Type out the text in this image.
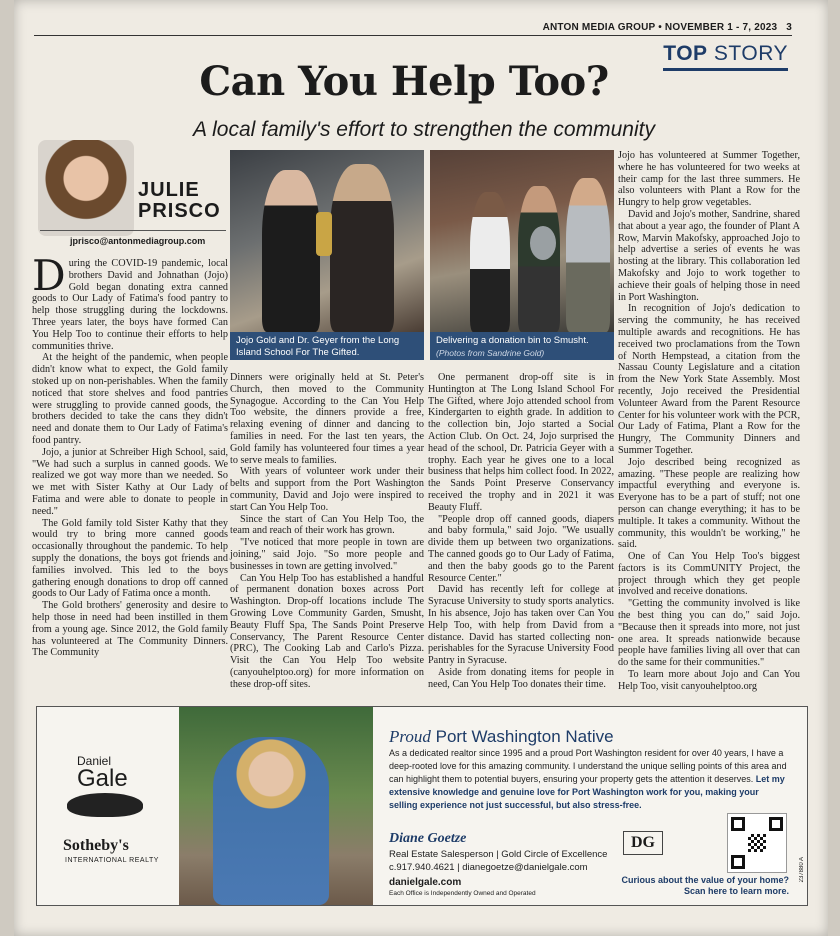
ANTON MEDIA GROUP • NOVEMBER 1 - 7, 2023 3
TOP STORY
Can You Help Too?
A local family's effort to strengthen the community
JULIE
PRISCO
jprisco@antonmediagroup.com
Jojo Gold and Dr. Geyer from the Long Island School For The Gifted.
Delivering a donation bin to Smusht.
(Photos from Sandrine Gold)

During the COVID-19 pandemic, local brothers David and Johnathan (Jojo) Gold began donating extra canned goods to Our Lady of Fatima's food pantry to help those struggling during the lockdowns. Three years later, the boys have formed Can You Help Too to continue their efforts to help communities thrive.

At the height of the pandemic, when people didn't know what to expect, the Gold family stoked up on non-perishables. When the family noticed that store shelves and food pantries were struggling to provide canned goods, the brothers decided to take the cans they didn't need and donate them to Our Lady of Fatima's food pantry.

Jojo, a junior at Schreiber High School, said, "We had such a surplus in canned goods. We realized we got way more than we needed. So we met with Sister Kathy at Our Lady of Fatima and were able to donate to people in need."

The Gold family told Sister Kathy that they would try to bring more canned goods occasionally throughout the pandemic. To help supply the donations, the boys got friends and families involved. This led to the boys gathering enough donations to drop off canned goods to Our Lady of Fatima once a month.

The Gold brothers' generosity and desire to help those in need had been instilled in them from a young age. Since 2012, the Gold family has volunteered at The Community Dinners. The Community

Dinners were originally held at St. Peter's Church, then moved to the Community Synagogue. According to the Can You Help Too website, the dinners provide a free, relaxing evening of dinner and dancing to families in need. For the last ten years, the Gold family has volunteered four times a year to serve meals to families.

With years of volunteer work under their belts and support from the Port Washington community, David and Jojo were inspired to start Can You Help Too.

Since the start of Can You Help Too, the team and reach of their work has grown.

"I've noticed that more people in town are joining," said Jojo. "So more people and businesses in town are getting involved."

Can You Help Too has established a handful of permanent donation boxes across Port Washington. Drop-off locations include The Growing Love Community Garden, Smusht, Beauty Fluff Spa, The Sands Point Preserve Conservancy, The Parent Resource Center (PRC), The Cooking Lab and Carlo's Pizza. Visit the Can You Help Too website (canyouhelptoo.org) for more information on these drop-off sites.

One permanent drop-off site is in Huntington at The Long Island School For The Gifted, where Jojo attended school from Kindergarten to eighth grade. In addition to the collection bin, Jojo started a Social Action Club. On Oct. 24, Jojo surprised the head of the school, Dr. Patricia Geyer with a trophy. Each year he gives one to a local business that helps him collect food. In 2022, the Sands Point Preserve Conservancy received the trophy and in 2021 it was Beauty Fluff.

"People drop off canned goods, diapers and baby formula," said Jojo. "We usually divide them up between two organizations. The canned goods go to Our Lady of Fatima, and then the baby goods go to the Parent Resource Center."

David has recently left for college at Syracuse University to study sports analytics. In his absence, Jojo has taken over Can You Help Too, with help from David from a distance. David has started collecting non-perishables for the Syracuse University Food Pantry in Syracuse.

Aside from donating items for people in need, Can You Help Too donates their time.

Jojo has volunteered at Summer Together, where he has volunteered for two weeks at their camp for the last three summers. He also volunteers with Plant a Row for the Hungry to help grow vegetables.

David and Jojo's mother, Sandrine, shared that about a year ago, the founder of Plant A Row, Marvin Makofsky, approached Jojo to help advertise a series of events he was hosting at the library. This collaboration led Makofsky and Jojo to work together to achieve their goals of helping those in need in Port Washington.

In recognition of Jojo's dedication to serving the community, he has received multiple awards and recognitions. He has received two proclamations from the Town of North Hempstead, a citation from the Nassau County Legislature and a citation from the New York State Assembly. Most recently, Jojo received the Presidential Volunteer Award from the Parent Resource Center for his volunteer work with the PCR, Our Lady of Fatima, Plant a Row for the Hungry, The Community Dinners and Summer Together.

Jojo described being recognized as amazing. "These people are realizing how impactful everything and everyone is. Everyone has to be a part of stuff; not one person can change everything; it has to be multiple. It takes a community. Without the community, this wouldn't be working," he said.

One of Can You Help Too's biggest factors is its CommUNITY Project, the project through which they get people involved and receive donations.

"Getting the community involved is like the best thing you can do," said Jojo. "Because then it spreads into more, not just one area. It spreads nationwide because people have families living all over that can do the same for their communities."

To learn more about Jojo and Can You Help Too, visit canyouhelptoo.org

Daniel
Gale
Sotheby's
INTERNATIONAL REALTY
Proud Port Washington Native
As a dedicated realtor since 1995 and a proud Port Washington resident for over 40 years, I have a deep-rooted love for this amazing community. I understand the unique selling points of this area and can highlight them to potential buyers, ensuring your property gets the attention it deserves. Let my extensive knowledge and genuine love for Port Washington work for you, making your selling experience not just successful, but also stress-free.
Diane Goetze
Real Estate Salesperson | Gold Circle of Excellence
c.917.940.4621 | dianegoetze@danielgale.com
danielgale.com
Each Office is Independently Owned and Operated
DG
Curious about the value of your home?
Scan here to learn more.
237880 A
